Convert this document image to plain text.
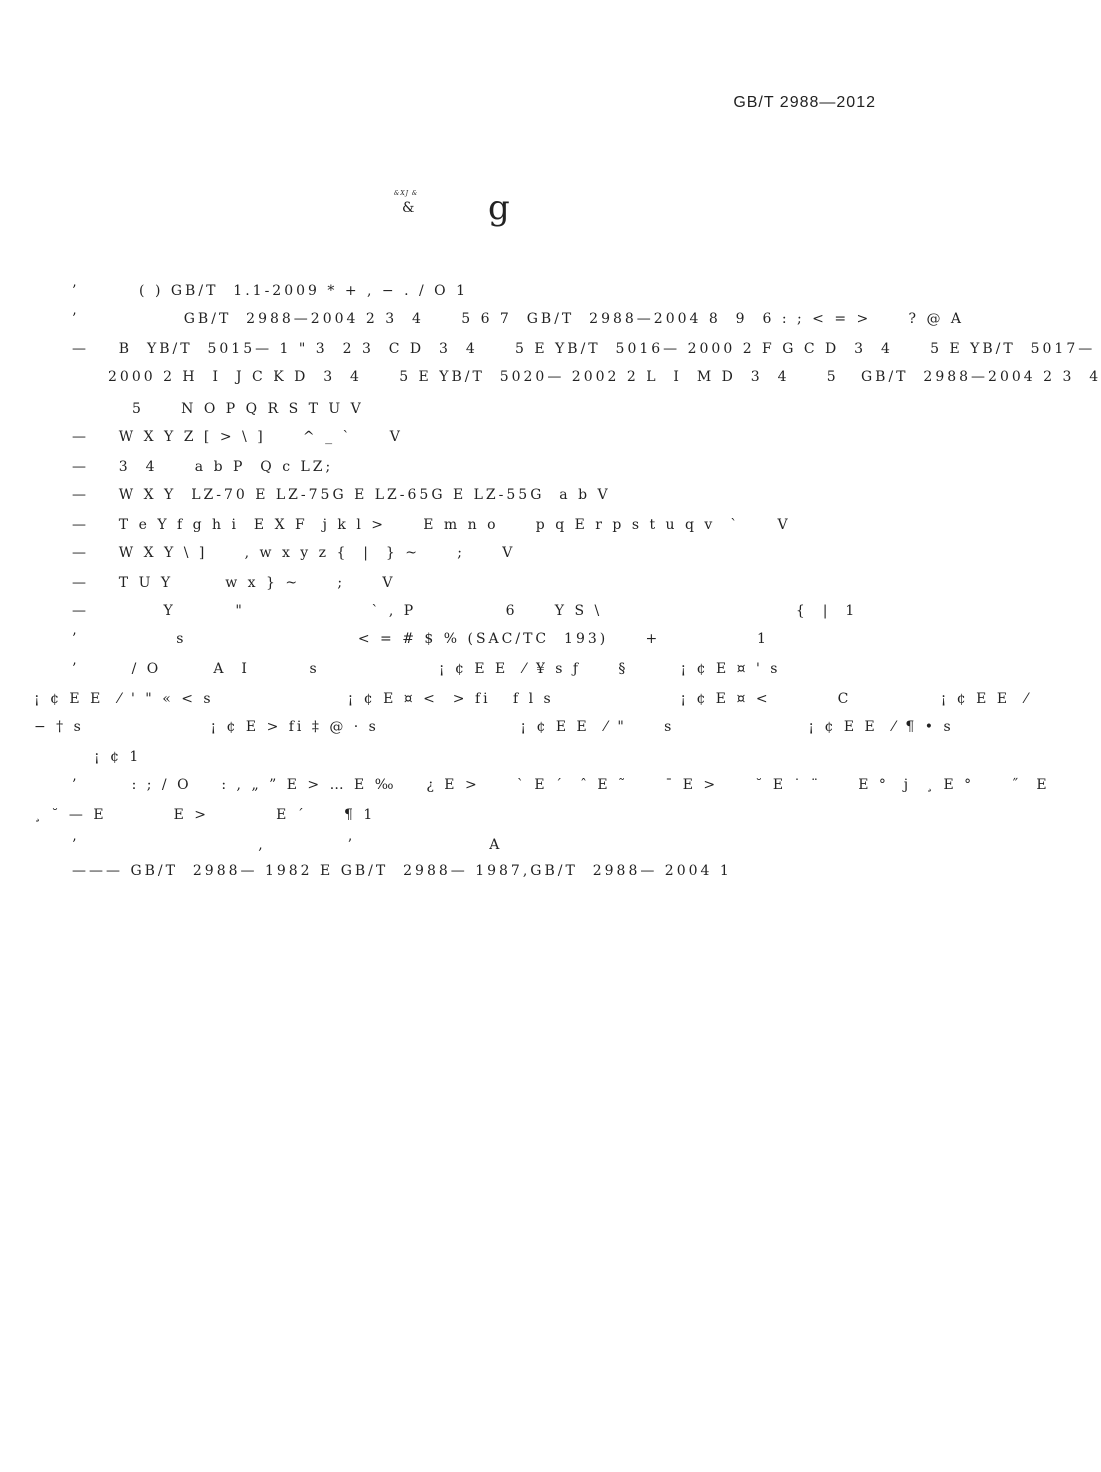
GB/T 2988—2012
&XJ &
& g
’        ( ) GB/T  1.1-2009 * + , − . / O 1
’              GB/T  2988—2004 2 3  4     5 6 7  GB/T  2988—2004 8  9  6 : ; < = >     ? @ A
—    B  YB/T  5015— 1 " 3  2 3  C D  3  4     5 E YB/T  5016— 2000 2 F G C D  3  4     5 E YB/T  5017—
2000 2 H  I  J C K D  3  4     5 E YB/T  5020— 2002 2 L  I  M D  3  4     5   GB/T  2988—2004 2 3  4
5     N O P Q R S T U V
—    W X Y Z [ > \ ]     ^ _ `     V
—    3  4     a b P  Q c LZ;
—    W X Y  LZ-70 E LZ-75G E LZ-65G E LZ-55G  a b V
—    T e Y f g h i  E X F  j k l >     E m n o     p q E r p s t u q v  `     V
—    W X Y \ ]     , w x y z {  |  } ~     ;     V
—    T U Y       w x } ~     ;     V
—          Y        "                 ` , P            6     Y S \                          {  |  1
’             s                       < = # $ % (SAC/TC  193)     +             1
’       / O       A  I        s                ¡ ¢ E E  ⁄ ¥ s ƒ     §       ¡ ¢ E ¤ ' s
¡ ¢ E E  ⁄ ' " « < s                  ¡ ¢ E ¤ <  > fi   f l s                 ¡ ¢ E ¤ <         C            ¡ ¢ E E  ⁄
− † s                 ¡ ¢ E > fi ‡ @ · s                   ¡ ¢ E E  ⁄ "     s                  ¡ ¢ E E  ⁄ ¶ • s
¡ ¢ 1
’       : ; / O    : , „ ” E > … E ‰    ¿ E >     ` E ´  ˆ E ˜     ¯ E >     ˘ E ˙ ¨     E °  j  ¸ E °     ˝  E
¸ ˘ — E         E >         E ´     ¶ 1
’                        ,           ’                  A
——— GB/T  2988— 1982 E GB/T  2988— 1987,GB/T  2988— 2004 1
